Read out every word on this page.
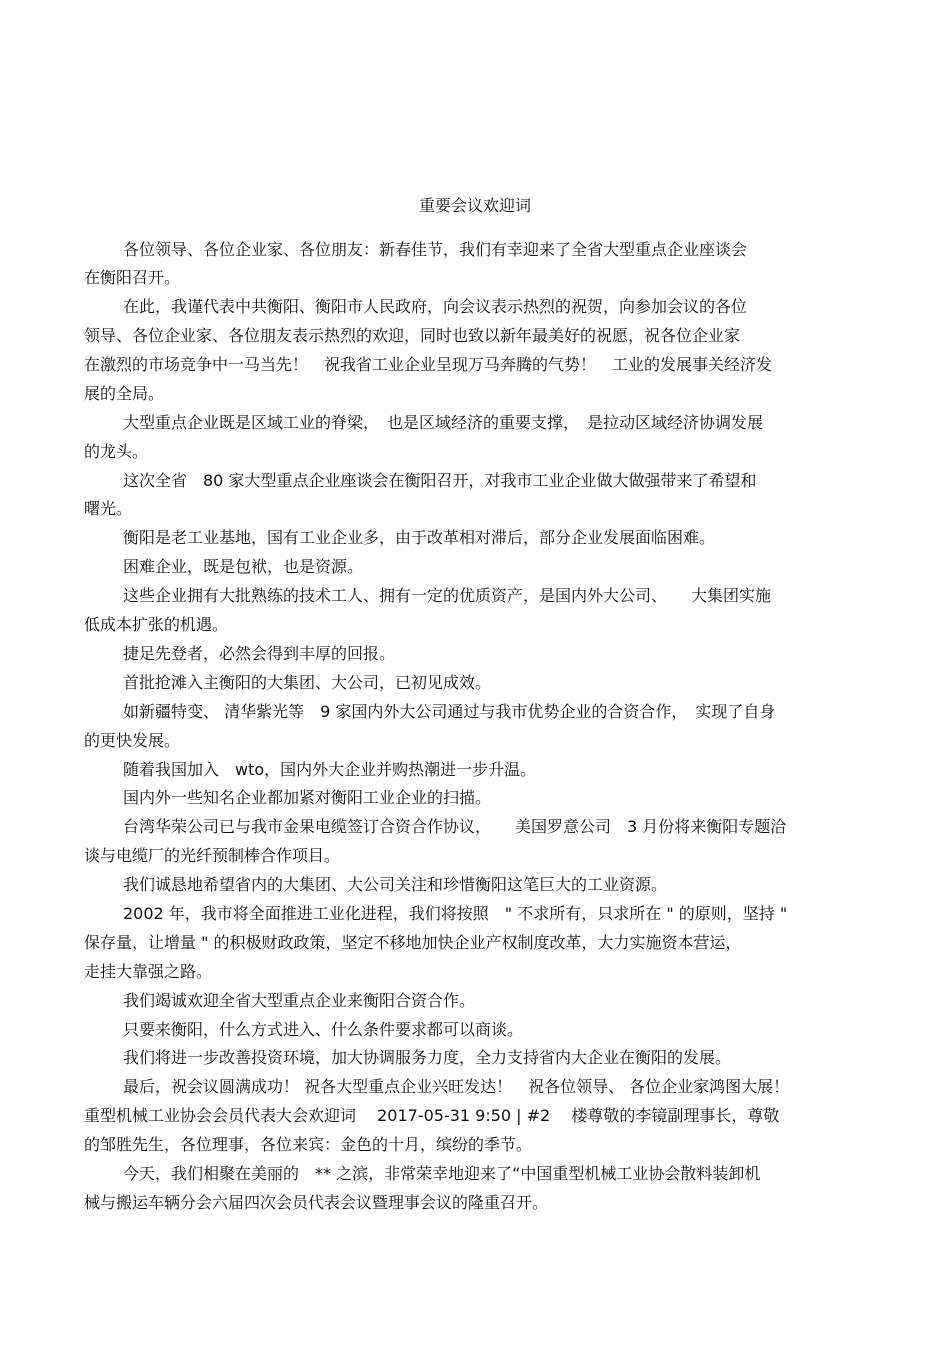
重要会议欢迎词

各位领导、各位企业家、各位朋友：新春佳节，我们有幸迎来了全省大型重点企业座谈会

在衡阳召开。

在此，我谨代表中共衡阳、衡阳市人民政府，向会议表示热烈的祝贺，向参加会议的各位

领导、各位企业家、各位朋友表示热烈的欢迎，同时也致以新年最美好的祝愿，祝各位企业家

在激烈的市场竞争中一马当先！　祝我省工业企业呈现万马奔腾的气势！　工业的发展事关经济发

展的全局。

大型重点企业既是区域工业的脊梁，　也是区域经济的重要支撑，　是拉动区域经济协调发展

的龙头。

这次全省　80 家大型重点企业座谈会在衡阳召开，对我市工业企业做大做强带来了希望和

曙光。

衡阳是老工业基地，国有工业企业多，由于改革相对滞后，部分企业发展面临困难。

困难企业，既是包袱，也是资源。

这些企业拥有大批熟练的技术工人、拥有一定的优质资产，是国内外大公司、　　大集团实施

低成本扩张的机遇。

捷足先登者，必然会得到丰厚的回报。

首批抢滩入主衡阳的大集团、大公司，已初见成效。

如新疆特变、 清华紫光等　9 家国内外大公司通过与我市优势企业的合资合作，　实现了自身

的更快发展。

随着我国加入　wto，国内外大企业并购热潮进一步升温。

国内外一些知名企业都加紧对衡阳工业企业的扫描。

台湾华荣公司已与我市金果电缆签订合资合作协议，　　美国罗意公司　3 月份将来衡阳专题洽

谈与电缆厂的光纤预制棒合作项目。

我们诚恳地希望省内的大集团、大公司关注和珍惜衡阳这笔巨大的工业资源。

2002 年，我市将全面推进工业化进程，我们将按照　" 不求所有，只求所在 " 的原则，坚持 "

保存量，让增量 " 的积极财政政策，坚定不移地加快企业产权制度改革，大力实施资本营运，

走挂大靠强之路。

我们竭诚欢迎全省大型重点企业来衡阳合资合作。

只要来衡阳，什么方式进入、什么条件要求都可以商谈。

我们将进一步改善投资环境，加大协调服务力度，全力支持省内大企业在衡阳的发展。

最后，祝会议圆满成功！ 祝各大型重点企业兴旺发达！　祝各位领导、 各位企业家鸿图大展！

重型机械工业协会会员代表大会欢迎词　 2017-05-31 9:50 | #2　 楼尊敬的李镜副理事长，尊敬

的邹胜先生，各位理事，各位来宾：金色的十月，缤纷的季节。

今天，我们相聚在美丽的　** 之滨，非常荣幸地迎来了“中国重型机械工业协会散料装卸机

械与搬运车辆分会六届四次会员代表会议暨理事会议的隆重召开。
